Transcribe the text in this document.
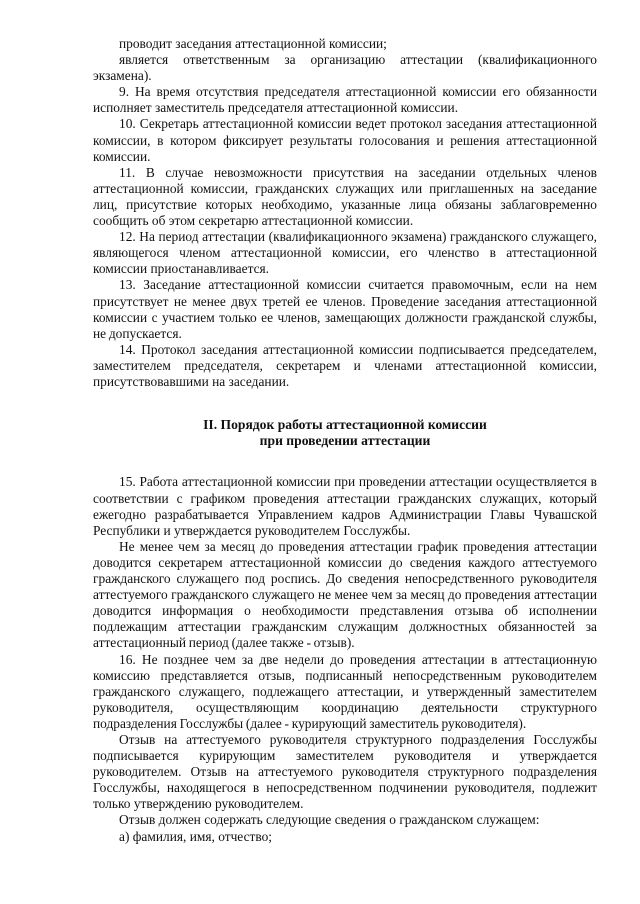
проводит заседания аттестационной комиссии;

является ответственным за организацию аттестации (квалификационного экзамена).

9. На время отсутствия председателя аттестационной комиссии его обязанности исполняет заместитель председателя аттестационной комиссии.

10. Секретарь аттестационной комиссии ведет протокол заседания аттестационной комиссии, в котором фиксирует результаты голосования и решения аттестационной комиссии.

11. В случае невозможности присутствия на заседании отдельных членов аттестационной комиссии, гражданских служащих или приглашенных на заседание лиц, присутствие которых необходимо, указанные лица обязаны заблаговременно сообщить об этом секретарю аттестационной комиссии.

12. На период аттестации (квалификационного экзамена) гражданского служащего, являющегося членом аттестационной комиссии, его членство в аттестационной комиссии приостанавливается.

13. Заседание аттестационной комиссии считается правомочным, если на нем присутствует не менее двух третей ее членов. Проведение заседания аттестационной комиссии с участием только ее членов, замещающих должности гражданской службы, не допускается.

14. Протокол заседания аттестационной комиссии подписывается председателем, заместителем председателя, секретарем и членами аттестационной комиссии, присутствовавшими на заседании.

II. Порядок работы аттестационной комиссии
при проведении аттестации

15. Работа аттестационной комиссии при проведении аттестации осуществляется в соответствии с графиком проведения аттестации гражданских служащих, который ежегодно разрабатывается Управлением кадров Администрации Главы Чувашской Республики и утверждается руководителем Госслужбы.

Не менее чем за месяц до проведения аттестации график проведения аттестации доводится секретарем аттестационной комиссии до сведения каждого аттестуемого гражданского служащего под роспись. До сведения непосредственного руководителя аттестуемого гражданского служащего не менее чем за месяц до проведения аттестации доводится информация о необходимости представления отзыва об исполнении подлежащим аттестации гражданским служащим должностных обязанностей за аттестационный период (далее также - отзыв).

16. Не позднее чем за две недели до проведения аттестации в аттестационную комиссию представляется отзыв, подписанный непосредственным руководителем гражданского служащего, подлежащего аттестации, и утвержденный заместителем руководителя, осуществляющим координацию деятельности структурного подразделения Госслужбы (далее - курирующий заместитель руководителя).

Отзыв на аттестуемого руководителя структурного подразделения Госслужбы подписывается курирующим заместителем руководителя и утверждается руководителем. Отзыв на аттестуемого руководителя структурного подразделения Госслужбы, находящегося в непосредственном подчинении руководителя, подлежит только утверждению руководителем.

Отзыв должен содержать следующие сведения о гражданском служащем:

а) фамилия, имя, отчество;
